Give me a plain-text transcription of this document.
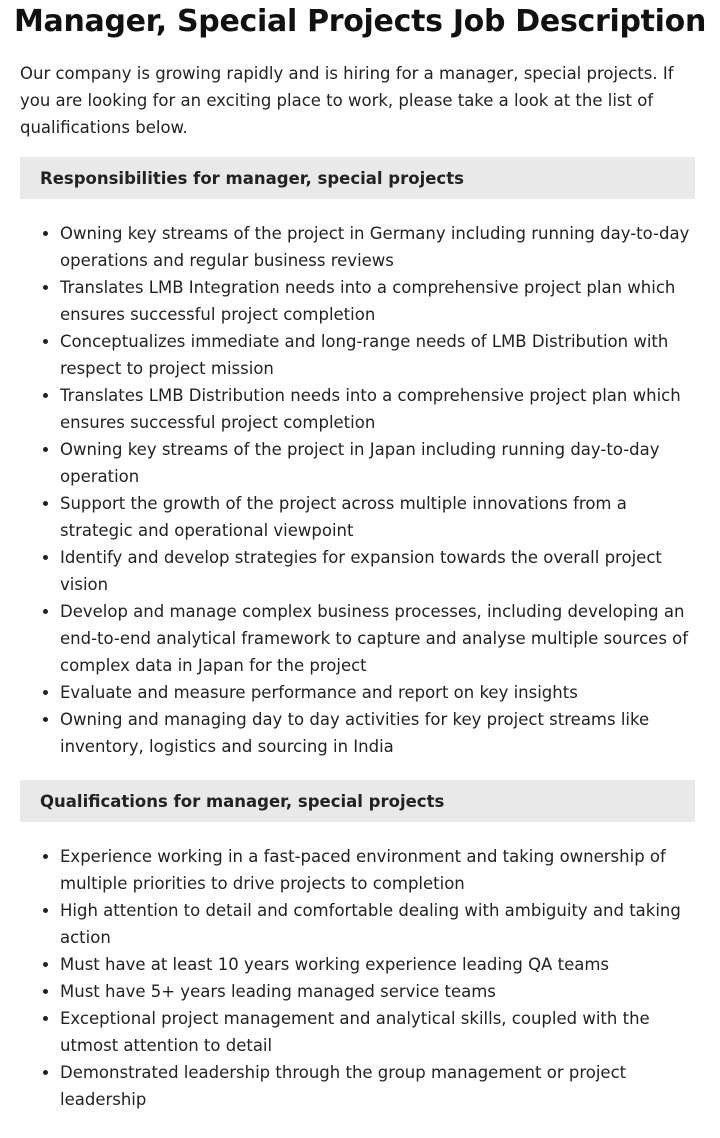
Manager, Special Projects Job Description

Our company is growing rapidly and is hiring for a manager, special projects. If you are looking for an exciting place to work, please take a look at the list of qualifications below.

Responsibilities for manager, special projects
• Owning key streams of the project in Germany including running day-to-day operations and regular business reviews
• Translates LMB Integration needs into a comprehensive project plan which ensures successful project completion
• Conceptualizes immediate and long-range needs of LMB Distribution with respect to project mission
• Translates LMB Distribution needs into a comprehensive project plan which ensures successful project completion
• Owning key streams of the project in Japan including running day-to-day operation
• Support the growth of the project across multiple innovations from a strategic and operational viewpoint
• Identify and develop strategies for expansion towards the overall project vision
• Develop and manage complex business processes, including developing an end-to-end analytical framework to capture and analyse multiple sources of complex data in Japan for the project
• Evaluate and measure performance and report on key insights
• Owning and managing day to day activities for key project streams like inventory, logistics and sourcing in India
Qualifications for manager, special projects
• Experience working in a fast-paced environment and taking ownership of multiple priorities to drive projects to completion
• High attention to detail and comfortable dealing with ambiguity and taking action
• Must have at least 10 years working experience leading QA teams
• Must have 5+ years leading managed service teams
• Exceptional project management and analytical skills, coupled with the utmost attention to detail
• Demonstrated leadership through the group management or project leadership
